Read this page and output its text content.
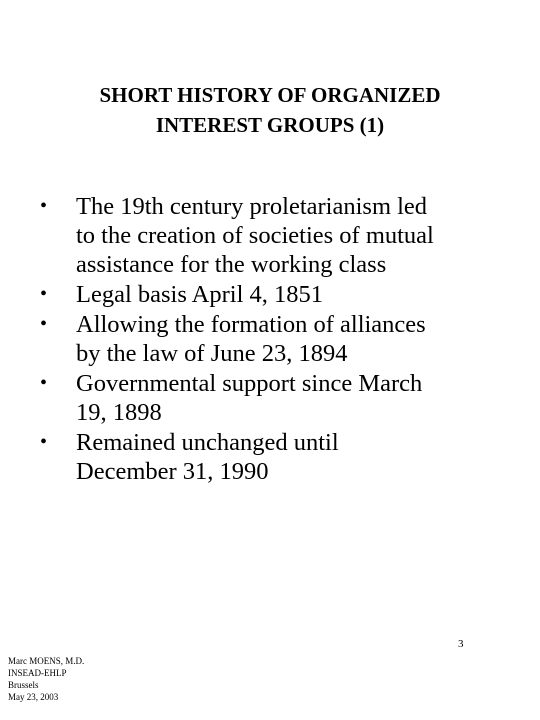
SHORT HISTORY OF ORGANIZED
INTEREST GROUPS (1)
•	The 19th century proletarianism led
to the creation of societies of mutual
assistance for the working class
•	Legal basis April 4, 1851
•	Allowing the formation of alliances
by the law of June 23, 1894
•	Governmental support since March
19, 1898
•	Remained unchanged until
December 31, 1990
3
Marc MOENS, M.D.
INSEAD-EHLP
Brussels
May 23, 2003
